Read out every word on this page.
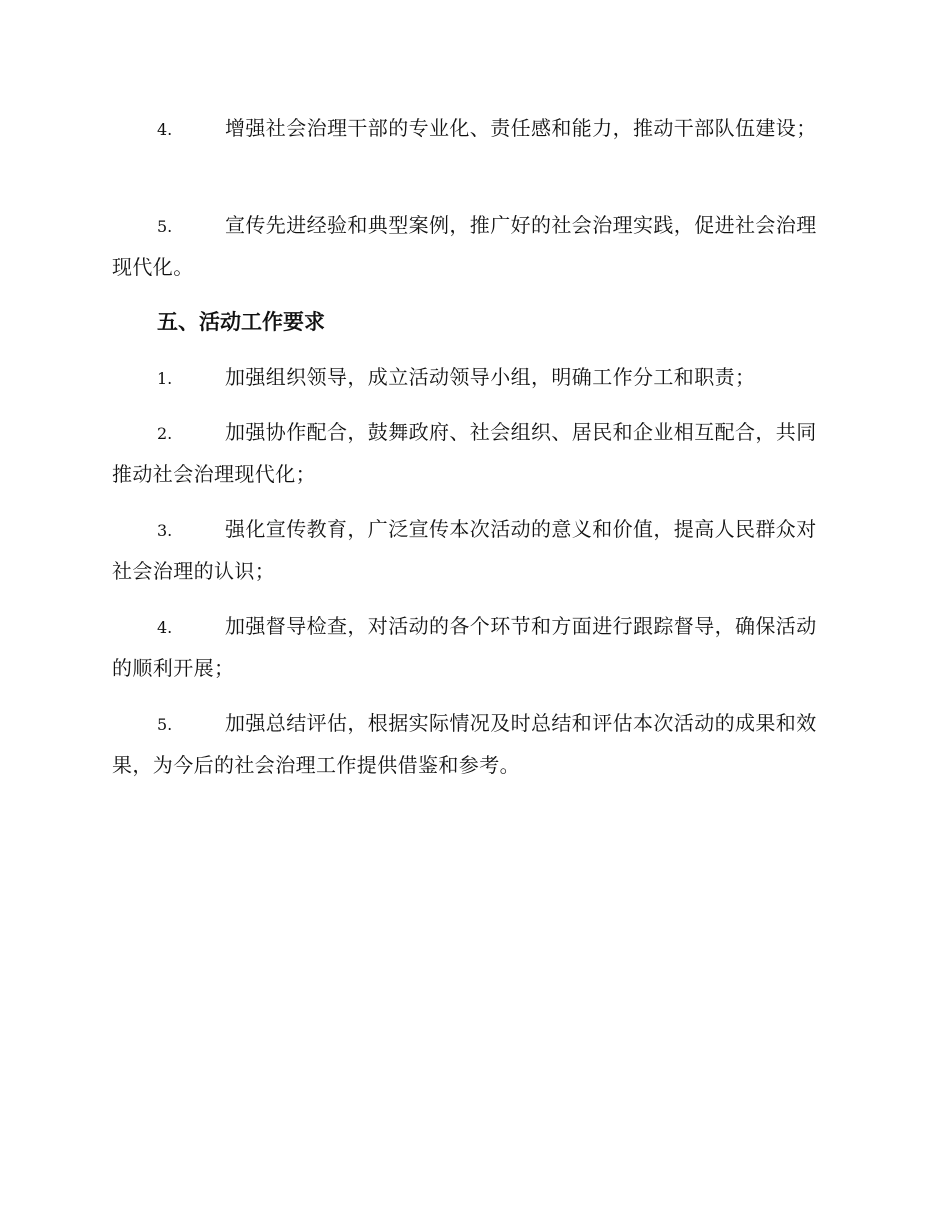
4.	增强社会治理干部的专业化、责任感和能力，推动干部队伍建设；

5.	宣传先进经验和典型案例，推广好的社会治理实践，促进社会治理现代化。

五、活动工作要求

1.	加强组织领导，成立活动领导小组，明确工作分工和职责；

2.	加强协作配合，鼓舞政府、社会组织、居民和企业相互配合，共同推动社会治理现代化；

3.	强化宣传教育，广泛宣传本次活动的意义和价值，提高人民群众对社会治理的认识；

4.	加强督导检查，对活动的各个环节和方面进行跟踪督导，确保活动的顺利开展；

5.	加强总结评估，根据实际情况及时总结和评估本次活动的成果和效果，为今后的社会治理工作提供借鉴和参考。
